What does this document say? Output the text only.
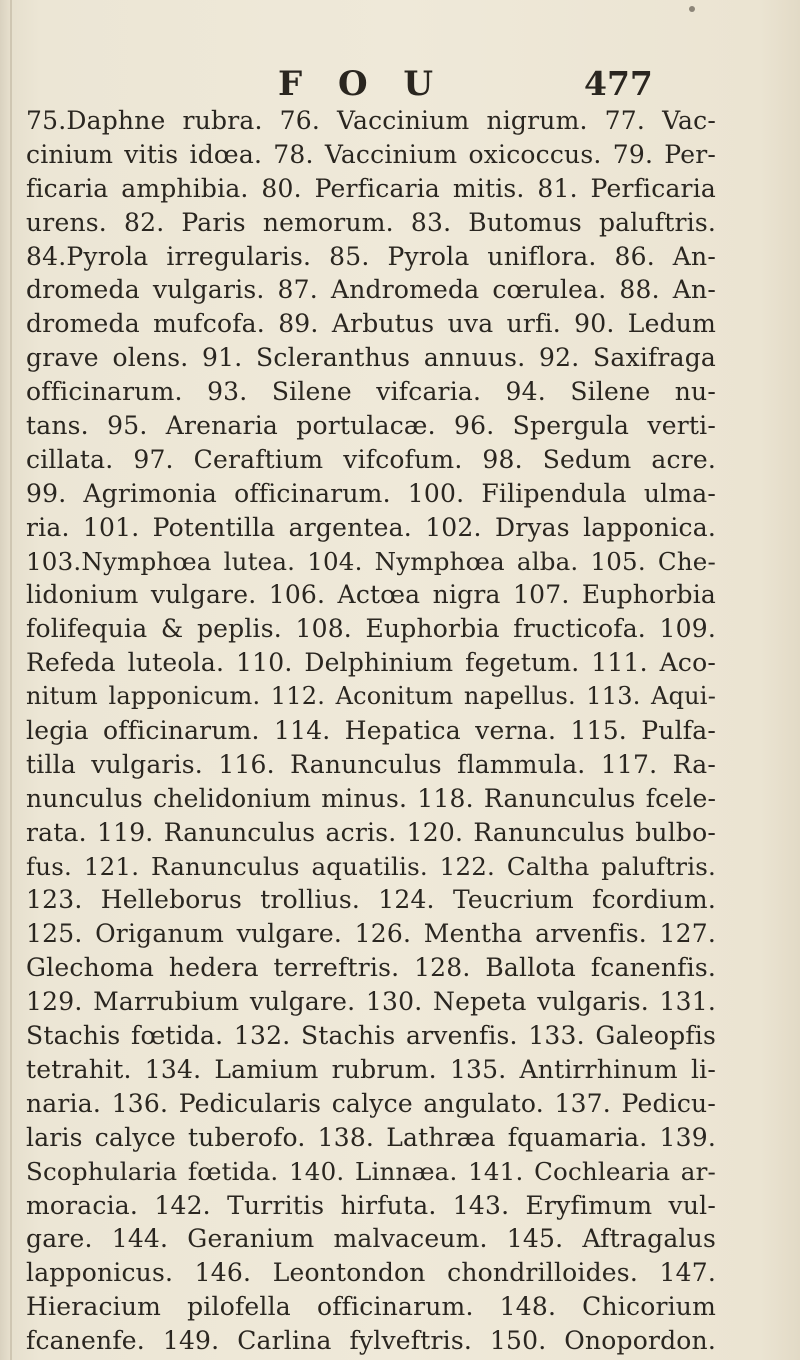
F O U	477
75.Daphne rubra. 76. Vaccinium nigrum. 77. Vac-
cinium vitis idœa. 78. Vaccinium oxicoccus. 79. Per-
ficaria amphibia. 80. Perficaria mitis. 81. Perficaria
urens. 82. Paris nemorum. 83. Butomus paluftris.
84.Pyrola irregularis. 85. Pyrola uniflora. 86. An-
dromeda vulgaris. 87. Andromeda cœrulea. 88. An-
dromeda mufcofa. 89. Arbutus uva urfi. 90. Ledum
grave olens. 91. Scleranthus annuus. 92. Saxifraga
officinarum. 93. Silene vifcaria. 94. Silene nu-
tans. 95. Arenaria portulacæ. 96. Spergula verti-
cillata. 97. Ceraftium vifcofum. 98. Sedum acre.
99. Agrimonia officinarum. 100. Filipendula ulma-
ria. 101. Potentilla argentea. 102. Dryas lapponica.
103.Nymphœa lutea. 104. Nymphœa alba. 105. Che-
lidonium vulgare. 106. Actœa nigra 107. Euphorbia
folifequia & peplis. 108. Euphorbia fructicofa. 109.
Refeda luteola. 110. Delphinium fegetum. 111. Aco-
nitum lapponicum. 112. Aconitum napellus. 113. Aqui-
legia officinarum. 114. Hepatica verna. 115. Pulfa-
tilla vulgaris. 116. Ranunculus flammula. 117. Ra-
nunculus chelidonium minus. 118. Ranunculus fcele-
rata. 119. Ranunculus acris. 120. Ranunculus bulbo-
fus. 121. Ranunculus aquatilis. 122. Caltha paluftris.
123. Helleborus trollius. 124. Teucrium fcordium.
125. Origanum vulgare. 126. Mentha arvenfis. 127.
Glechoma hedera terreftris. 128. Ballota fcanenfis.
129. Marrubium vulgare. 130. Nepeta vulgaris. 131.
Stachis fœtida. 132. Stachis arvenfis. 133. Galeopfis
tetrahit. 134. Lamium rubrum. 135. Antirrhinum li-
naria. 136. Pedicularis calyce angulato. 137. Pedicu-
laris calyce tuberofo. 138. Lathræa fquamaria. 139.
Scophularia fœtida. 140. Linnæa. 141. Cochlearia ar-
moracia. 142. Turritis hirfuta. 143. Eryfimum vul-
gare. 144. Geranium malvaceum. 145. Aftragalus
lapponicus. 146. Leontondon chondrilloides. 147.
Hieracium pilofella officinarum. 148. Chicorium
fcanenfe. 149. Carlina fylveftris. 150. Onopordon.
